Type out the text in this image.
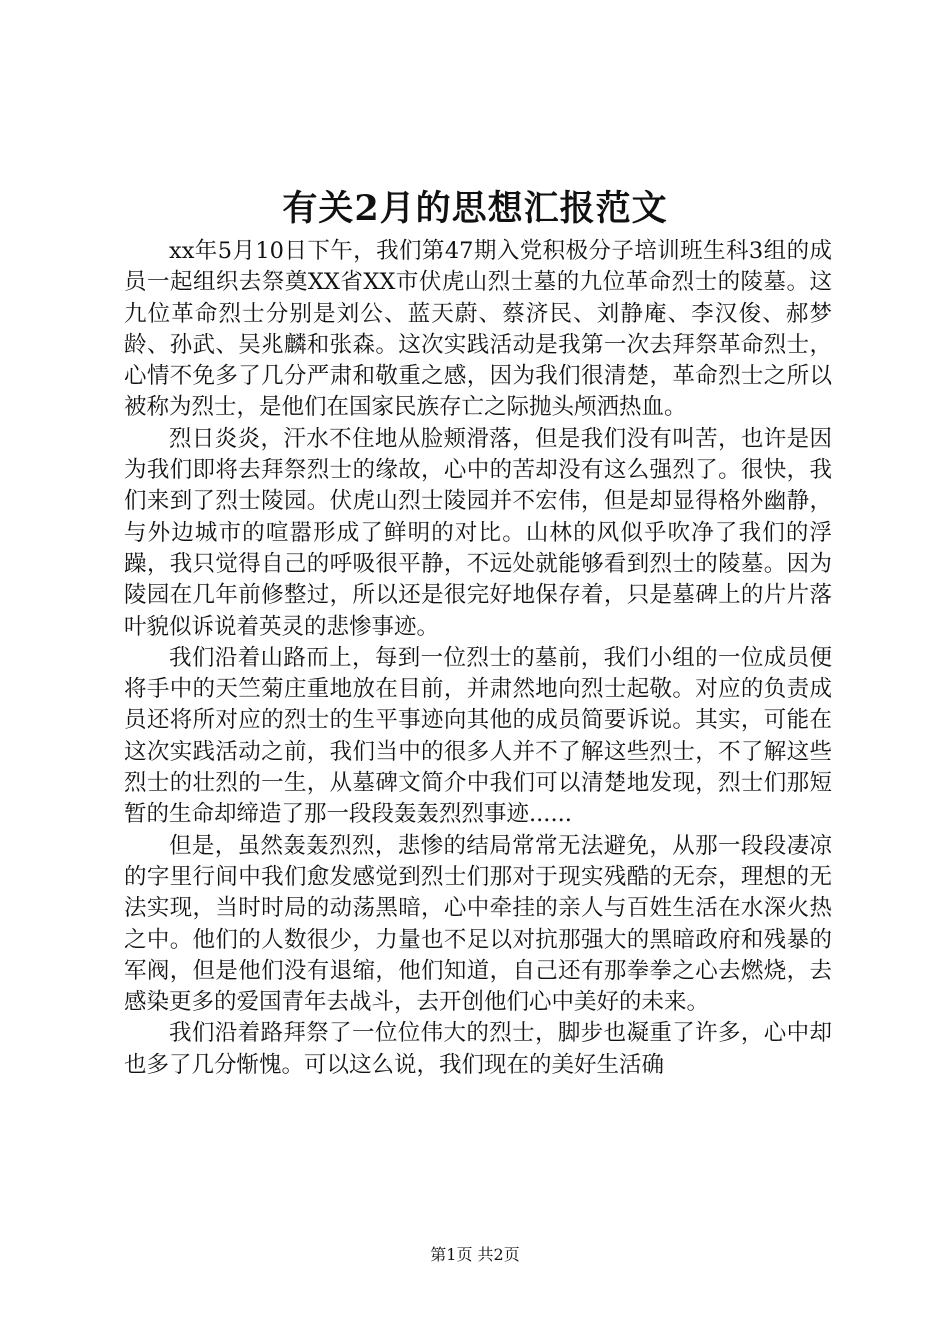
有关2月的思想汇报范文

xx年5月10日下午，我们第47期入党积极分子培训班生科3组的成员一起组织去祭奠XX省XX市伏虎山烈士墓的九位革命烈士的陵墓。这九位革命烈士分别是刘公、蓝天蔚、蔡济民、刘静庵、李汉俊、郝梦龄、孙武、吴兆麟和张森。这次实践活动是我第一次去拜祭革命烈士，心情不免多了几分严肃和敬重之感，因为我们很清楚，革命烈士之所以被称为烈士，是他们在国家民族存亡之际抛头颅洒热血。

烈日炎炎，汗水不住地从脸颊滑落，但是我们没有叫苦，也许是因为我们即将去拜祭烈士的缘故，心中的苦却没有这么强烈了。很快，我们来到了烈士陵园。伏虎山烈士陵园并不宏伟，但是却显得格外幽静，与外边城市的喧嚣形成了鲜明的对比。山林的风似乎吹净了我们的浮躁，我只觉得自己的呼吸很平静，不远处就能够看到烈士的陵墓。因为陵园在几年前修整过，所以还是很完好地保存着，只是墓碑上的片片落叶貌似诉说着英灵的悲惨事迹。

我们沿着山路而上，每到一位烈士的墓前，我们小组的一位成员便将手中的天竺菊庄重地放在目前，并肃然地向烈士起敬。对应的负责成员还将所对应的烈士的生平事迹向其他的成员简要诉说。其实，可能在这次实践活动之前，我们当中的很多人并不了解这些烈士，不了解这些烈士的壮烈的一生，从墓碑文简介中我们可以清楚地发现，烈士们那短暂的生命却缔造了那一段段轰轰烈烈事迹......

但是，虽然轰轰烈烈，悲惨的结局常常无法避免，从那一段段凄凉的字里行间中我们愈发感觉到烈士们那对于现实残酷的无奈，理想的无法实现，当时时局的动荡黑暗，心中牵挂的亲人与百姓生活在水深火热之中。他们的人数很少，力量也不足以对抗那强大的黑暗政府和残暴的军阀，但是他们没有退缩，他们知道，自己还有那拳拳之心去燃烧，去感染更多的爱国青年去战斗，去开创他们心中美好的未来。

我们沿着路拜祭了一位位伟大的烈士，脚步也凝重了许多，心中却也多了几分惭愧。可以这么说，我们现在的美好生活确

第1页 共2页
